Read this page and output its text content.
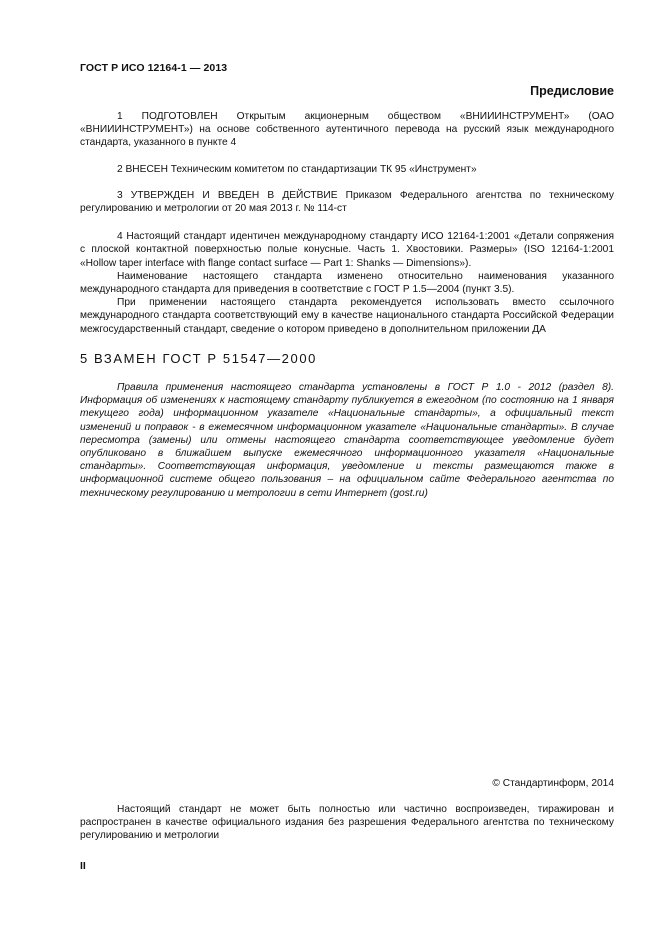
ГОСТ Р ИСО 12164-1 — 2013
Предисловие

1 ПОДГОТОВЛЕН Открытым акционерным обществом «ВНИИИНСТРУМЕНТ» (ОАО «ВНИИИНСТРУМЕНТ») на основе собственного аутентичного перевода на русский язык международного стандарта, указанного в пункте 4

2 ВНЕСЕН Техническим комитетом по стандартизации ТК 95 «Инструмент»

3 УТВЕРЖДЕН И ВВЕДЕН В ДЕЙСТВИЕ Приказом Федерального агентства по техническому регулированию и метрологии от 20 мая 2013 г. № 114-ст

4 Настоящий стандарт идентичен международному стандарту ИСО 12164-1:2001 «Детали сопряжения с плоской контактной поверхностью полые конусные. Часть 1. Хвостовики. Размеры» (ISO 12164-1:2001 «Hollow taper interface with flange contact surface — Part 1: Shanks — Dimensions»).

Наименование настоящего стандарта изменено относительно наименования указанного международного стандарта для приведения в соответствие с ГОСТ Р 1.5—2004 (пункт 3.5).

При применении настоящего стандарта рекомендуется использовать вместо ссылочного международного стандарта соответствующий ему в качестве национального стандарта Российской Федерации межгосударственный стандарт, сведение о котором приведено в дополнительном приложении ДА

5 ВЗАМЕН ГОСТ Р 51547—2000

Правила применения настоящего стандарта установлены в ГОСТ Р 1.0 - 2012 (раздел 8). Информация об изменениях к настоящему стандарту публикуется в ежегодном (по состоянию на 1 января текущего года) информационном указателе «Национальные стандарты», а официальный текст изменений и поправок - в ежемесячном информационном указателе «Национальные стандарты». В случае пересмотра (замены) или отмены настоящего стандарта соответствующее уведомление будет опубликовано в ближайшем выпуске ежемесячного информационного указателя «Национальные стандарты». Соответствующая информация, уведомление и тексты размещаются также в информационной системе общего пользования – на официальном сайте Федерального агентства по техническому регулированию и метрологии в сети Интернет (gost.ru)

© Стандартинформ, 2014

Настоящий стандарт не может быть полностью или частично воспроизведен, тиражирован и распространен в качестве официального издания без разрешения Федерального агентства по техническому регулированию и метрологии

II
